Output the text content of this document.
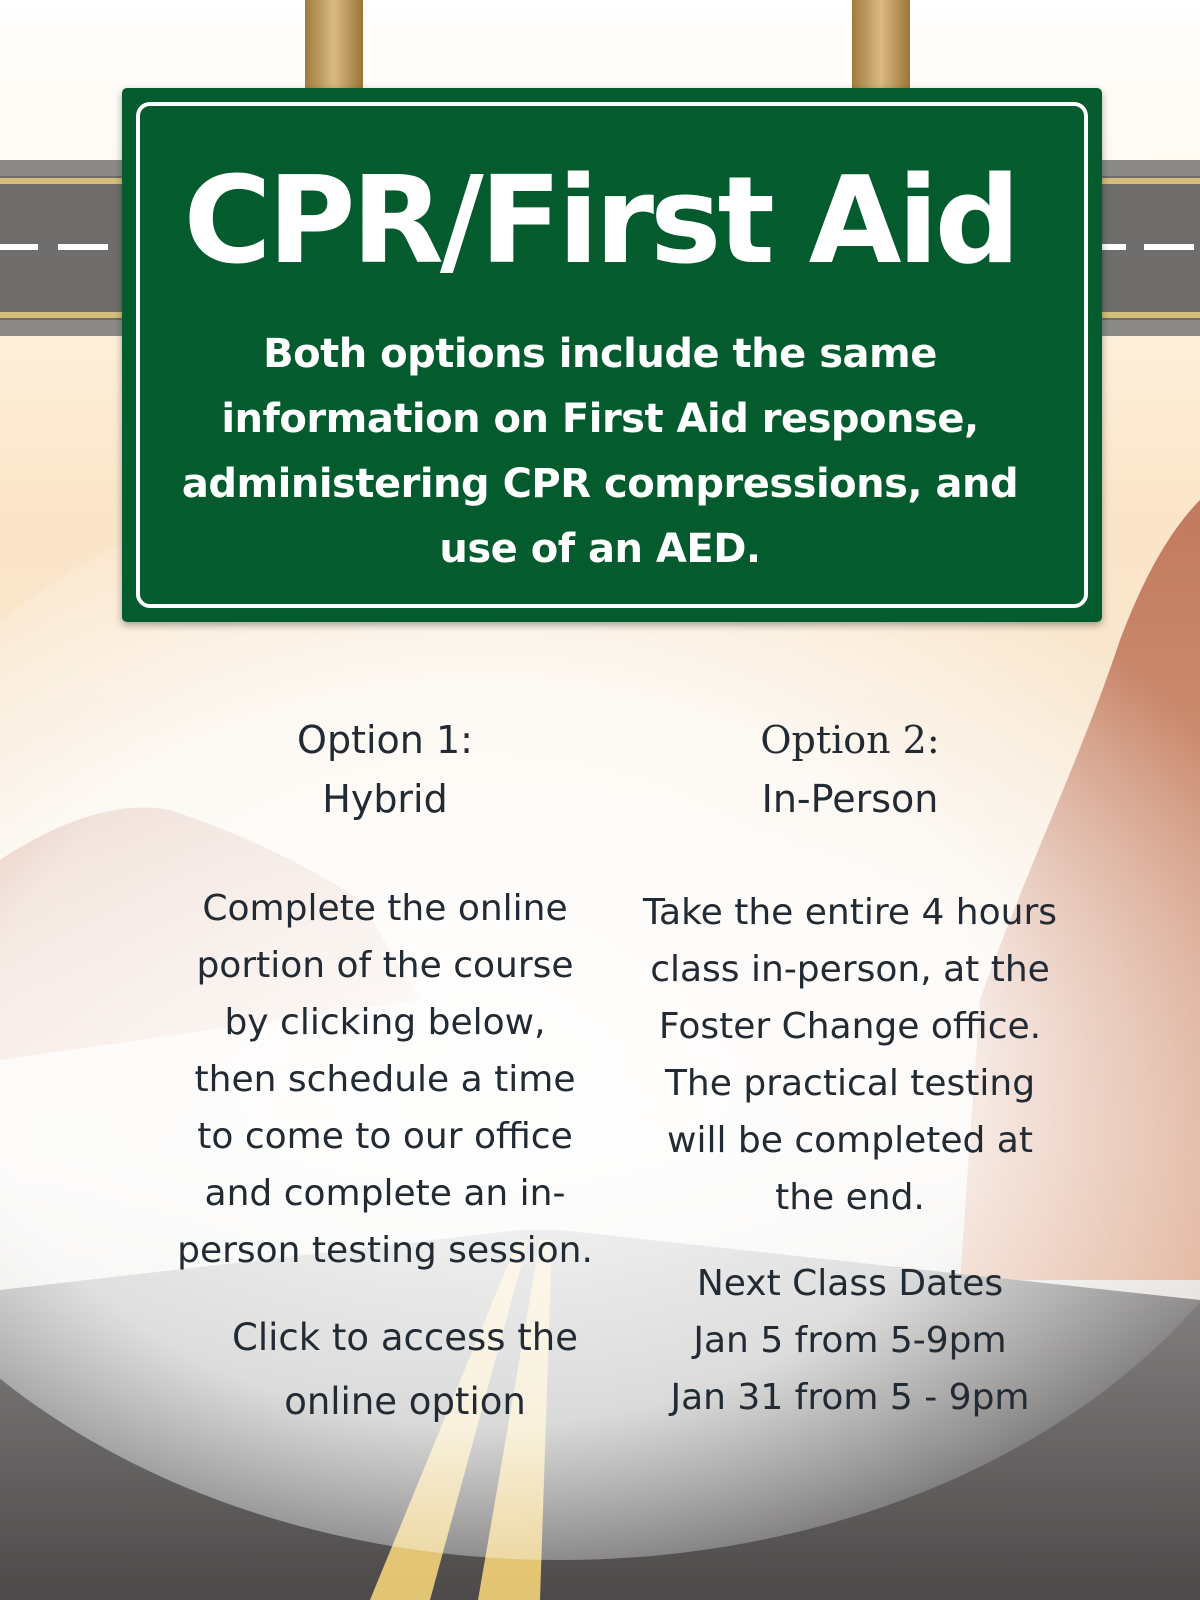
CPR/First Aid

Both options include the same
information on First Aid response,
administering CPR compressions, and
use of an AED.

Option 1:
Hybrid
Complete the online
portion of the course
by clicking below,
then schedule a time
to come to our office
and complete an in-
person testing session.
Click to access the
online option
Option 2:
In-Person
Take the entire 4 hours
class in-person, at the
Foster Change office.
The practical testing
will be completed at
the end.
Next Class Dates
Jan 5 from 5-9pm
Jan 31 from 5 - 9pm
